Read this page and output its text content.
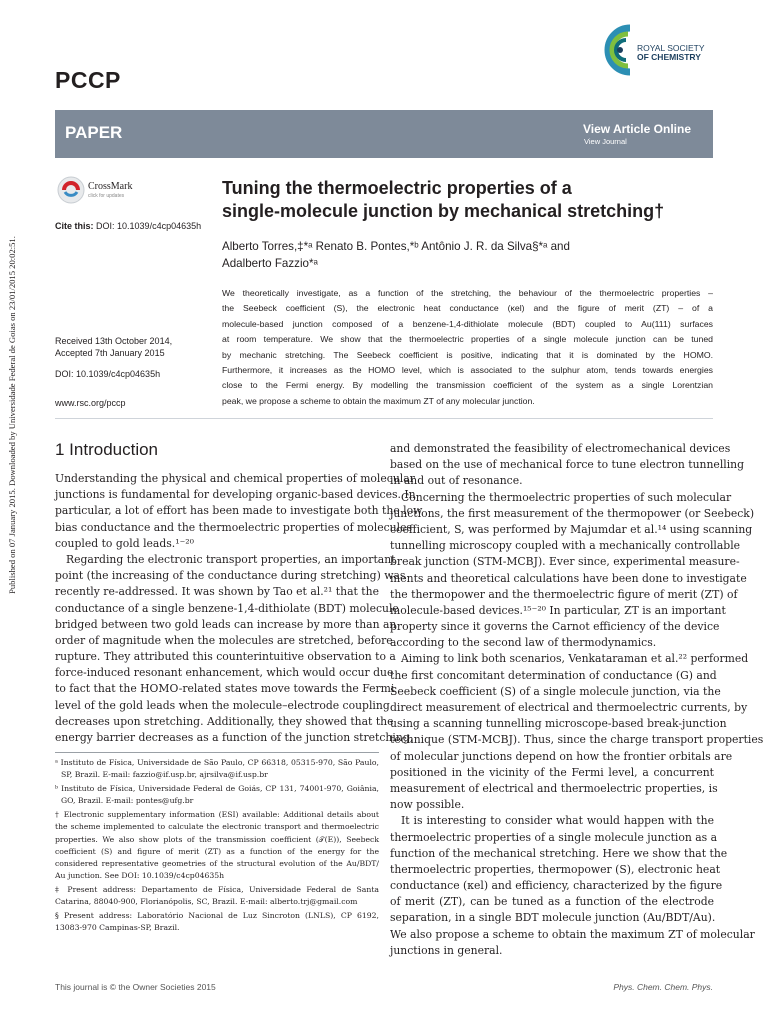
Published on 07 January 2015. Downloaded by Universidade Federal de Goias on 23/01/2015 20:02:51.
PCCP
ROYAL SOCIETY
OF CHEMISTRY
PAPER	View Article Online
View Journal
CrossMark
click for updates
Cite this: DOI: 10.1039/c4cp04635h
Received 13th October 2014,
Accepted 7th January 2015
DOI: 10.1039/c4cp04635h
www.rsc.org/pccp
Tuning the thermoelectric properties of a
single-molecule junction by mechanical stretching†
Alberto Torres,‡*ᵃ Renato B. Pontes,*ᵇ Antônio J. R. da Silva§*ᵃ and
Adalberto Fazzio*ᵃ
We theoretically investigate, as a function of the stretching, the behaviour of the thermoelectric properties –
the Seebeck coefficient (S), the electronic heat conductance (κel) and the figure of merit (ZT) – of a
molecule-based junction composed of a benzene-1,4-dithiolate molecule (BDT) coupled to Au(111) surfaces
at room temperature. We show that the thermoelectric properties of a single molecule junction can be tuned
by mechanic stretching. The Seebeck coefficient is positive, indicating that it is dominated by the HOMO.
Furthermore, it increases as the HOMO level, which is associated to the sulphur atom, tends towards energies
close to the Fermi energy. By modelling the transmission coefficient of the system as a single Lorentzian
peak, we propose a scheme to obtain the maximum ZT of any molecular junction.
1 Introduction
Understanding the physical and chemical properties of molecular
junctions is fundamental for developing organic-based devices. In
particular, a lot of effort has been made to investigate both the low
bias conductance and the thermoelectric properties of molecules
coupled to gold leads.¹⁻²⁰
Regarding the electronic transport properties, an important
point (the increasing of the conductance during stretching) was
recently re-addressed. It was shown by Tao et al.²¹ that the
conductance of a single benzene-1,4-dithiolate (BDT) molecule
bridged between two gold leads can increase by more than an
order of magnitude when the molecules are stretched, before
rupture. They attributed this counterintuitive observation to a
force-induced resonant enhancement, which would occur due
to fact that the HOMO-related states move towards the Fermi
level of the gold leads when the molecule–electrode coupling
decreases upon stretching. Additionally, they showed that the
energy barrier decreases as a function of the junction stretching,
ᵃ Instituto de Física, Universidade de São Paulo, CP 66318, 05315-970, São Paulo,
SP, Brazil. E-mail: fazzio@if.usp.br, ajrsilva@if.usp.br
ᵇ Instituto de Física, Universidade Federal de Goiás, CP 131, 74001-970, Goiânia,
GO, Brazil. E-mail: pontes@ufg.br
† Electronic supplementary information (ESI) available: Additional details about
the scheme implemented to calculate the electronic transport and thermoelectric
properties. We also show plots of the transmission coefficient (𝒯(E)), Seebeck
coefficient (S) and figure of merit (ZT) as a function of the energy for the
considered representative geometries of the structural evolution of the Au/BDT/
Au junction. See DOI: 10.1039/c4cp04635h
‡ Present address: Departamento de Física, Universidade Federal de Santa
Catarina, 88040-900, Florianópolis, SC, Brazil. E-mail: alberto.trj@gmail.com
§ Present address: Laboratório Nacional de Luz Sincroton (LNLS), CP 6192,
13083-970 Campinas-SP, Brazil.
and demonstrated the feasibility of electromechanical devices
based on the use of mechanical force to tune electron tunnelling
in and out of resonance.
Concerning the thermoelectric properties of such molecular
junctions, the first measurement of the thermopower (or Seebeck)
coefficient, S, was performed by Majumdar et al.¹⁴ using scanning
tunnelling microscopy coupled with a mechanically controllable
break junction (STM-MCBJ). Ever since, experimental measure-
ments and theoretical calculations have been done to investigate
the thermopower and the thermoelectric figure of merit (ZT) of
molecule-based devices.¹⁵⁻²⁰ In particular, ZT is an important
property since it governs the Carnot efficiency of the device
according to the second law of thermodynamics.
Aiming to link both scenarios, Venkataraman et al.²² performed
the first concomitant determination of conductance (G) and
Seebeck coefficient (S) of a single molecule junction, via the
direct measurement of electrical and thermoelectric currents, by
using a scanning tunnelling microscope-based break-junction
technique (STM-MCBJ). Thus, since the charge transport properties
of molecular junctions depend on how the frontier orbitals are
positioned in the vicinity of the Fermi level, a concurrent
measurement of electrical and thermoelectric properties, is
now possible.
It is interesting to consider what would happen with the
thermoelectric properties of a single molecule junction as a
function of the mechanical stretching. Here we show that the
thermoelectric properties, thermopower (S), electronic heat
conductance (κel) and efficiency, characterized by the figure
of merit (ZT), can be tuned as a function of the electrode
separation, in a single BDT molecule junction (Au/BDT/Au).
We also propose a scheme to obtain the maximum ZT of molecular
junctions in general.
This journal is © the Owner Societies 2015	Phys. Chem. Chem. Phys.
